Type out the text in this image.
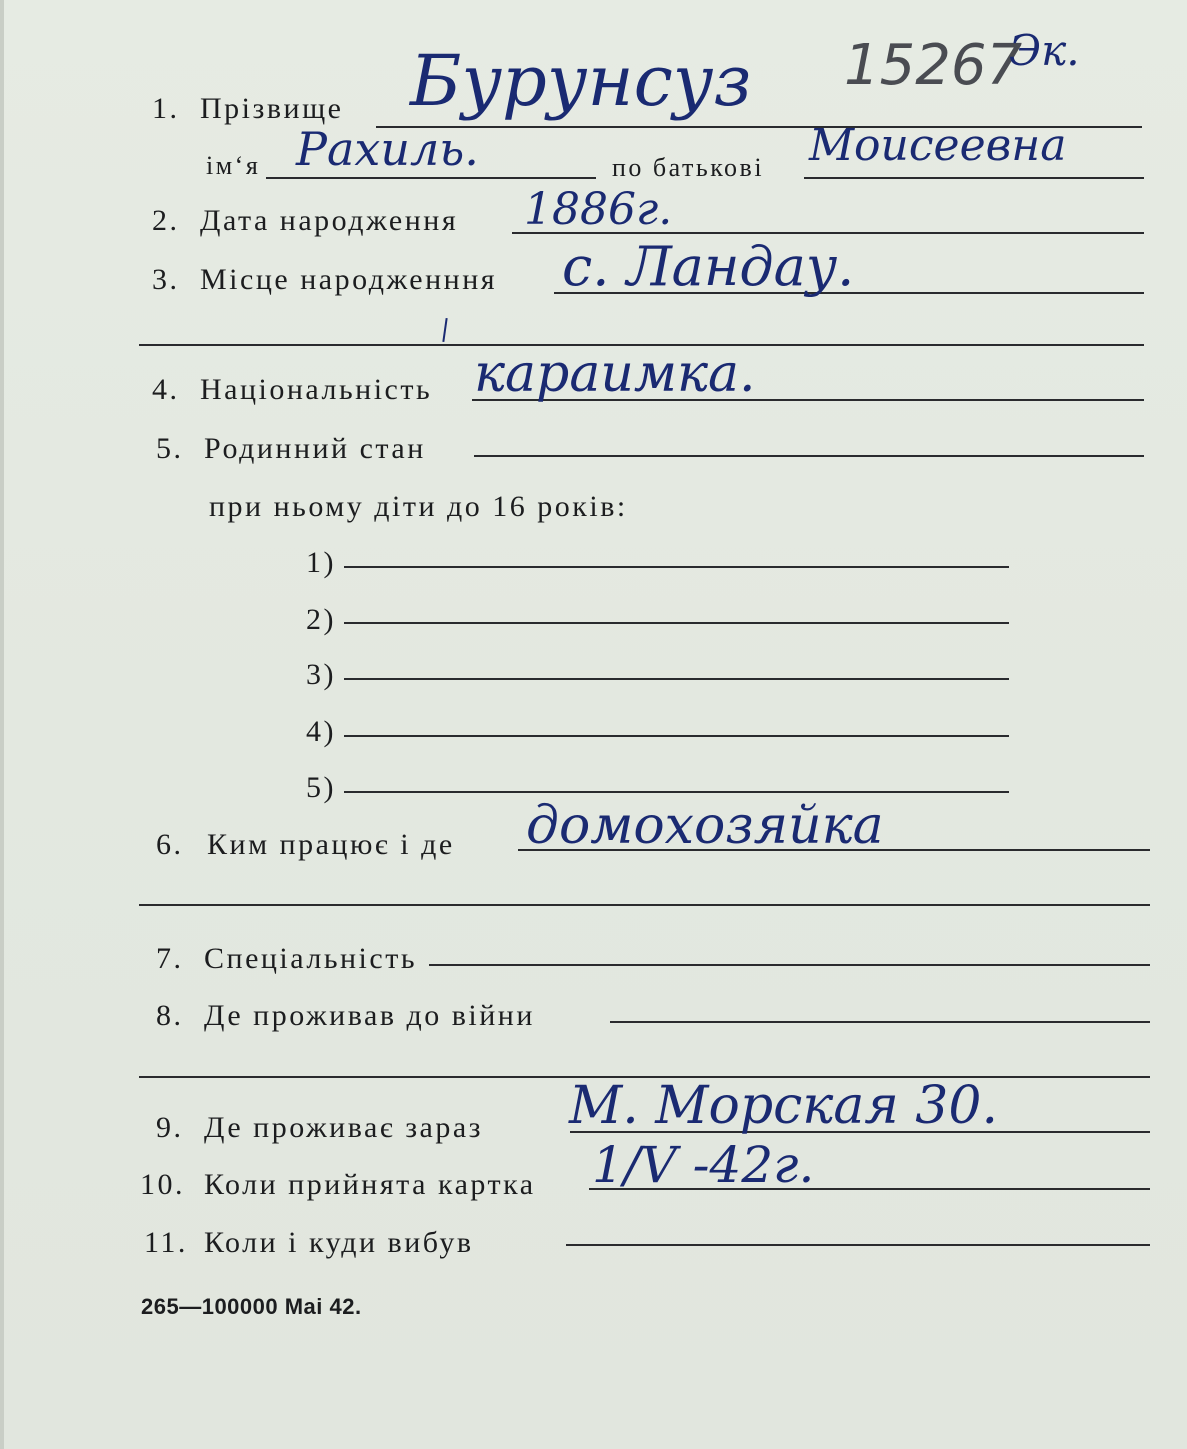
15267
Эк.
1. Прізвище Бурунсуз
ім‘я Рахиль.	по батькові Моисеевна
2. Дата народження 1886г.
3. Місце народженння с. Ландау.
4. Національність караимка.
5. Родинний стан
при ньому діти до 16 років:
1)
2)
3)
4)
5)
6. Ким працює і де домохозяйка
7. Спеціальність
8. Де проживав до війни
9. Де проживає зараз М. Морская 30.
10. Коли прийнята картка 1/V -42г.
11. Коли і куди вибув
265—100000 Mai 42.
